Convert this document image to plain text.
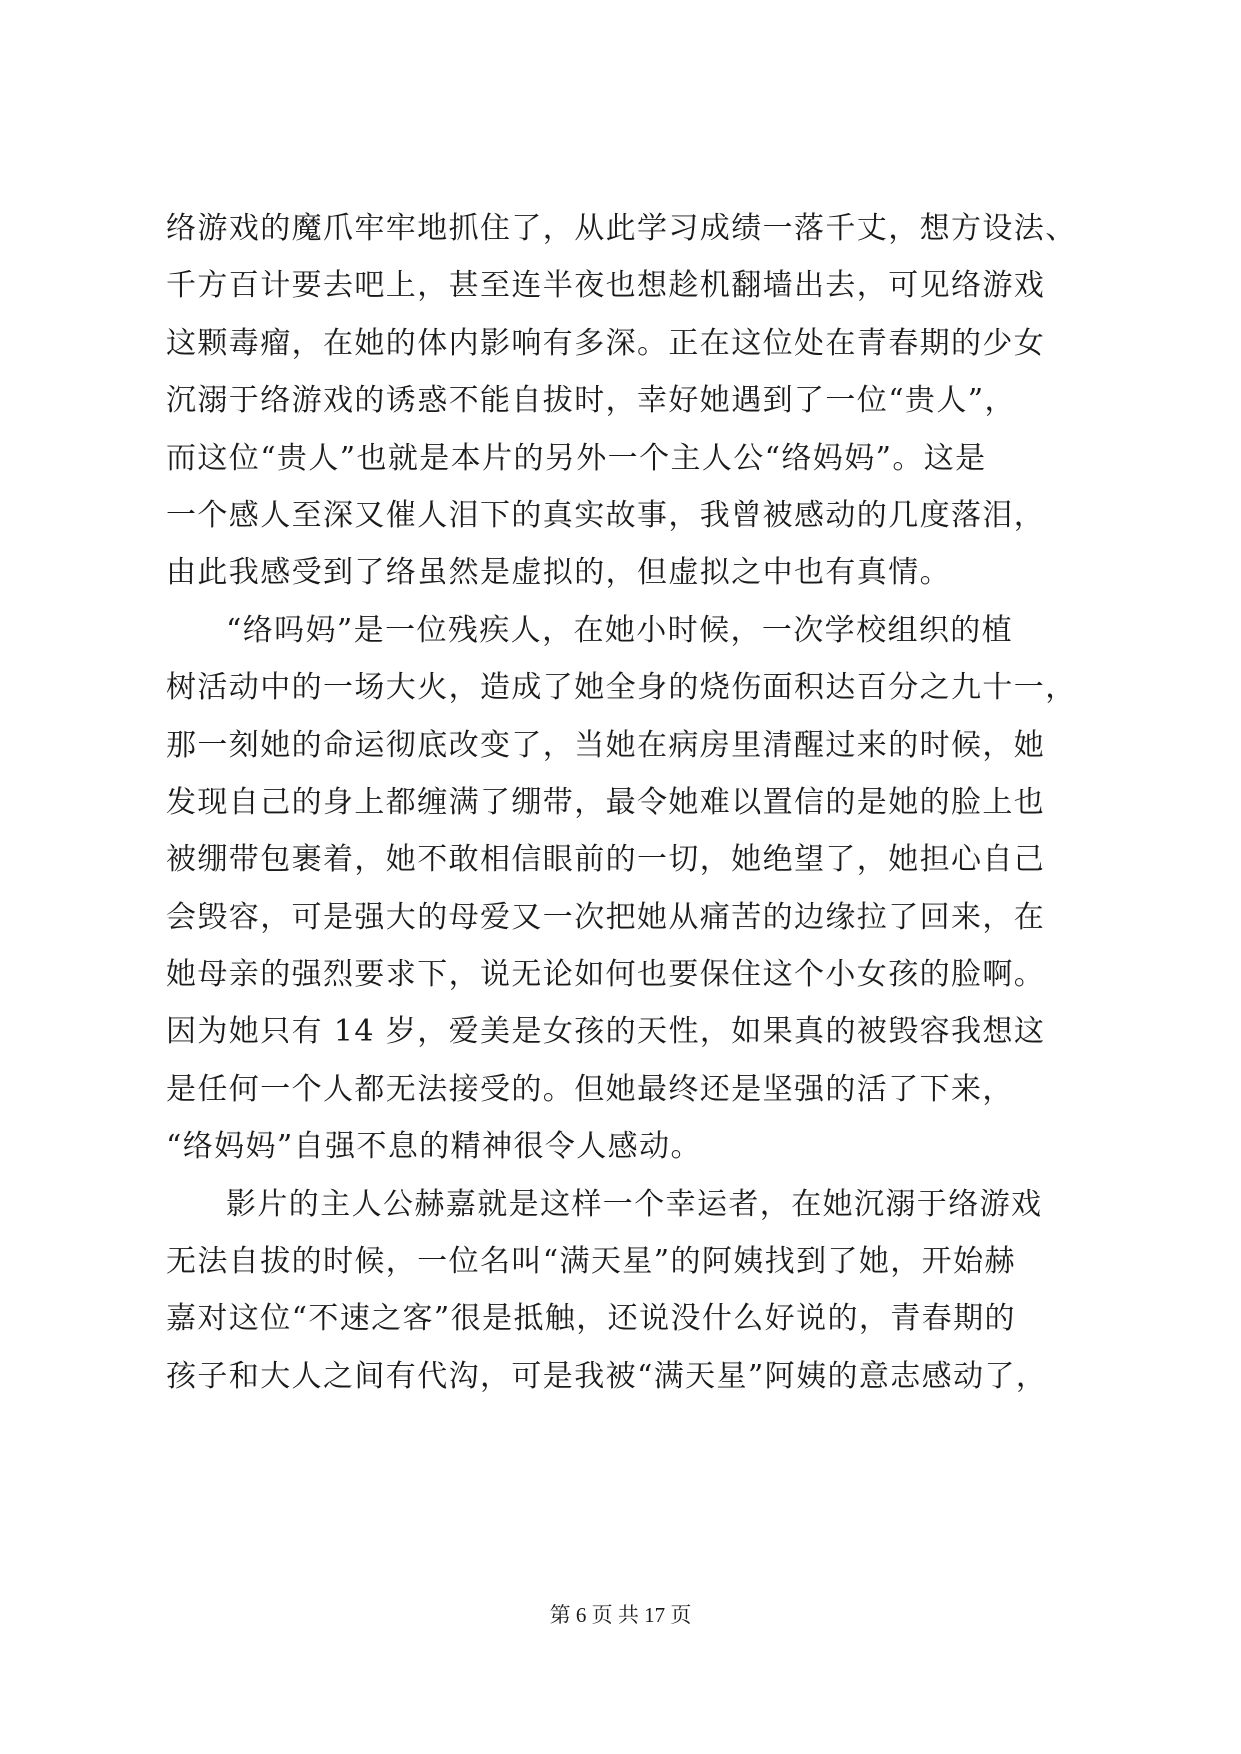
络游戏的魔爪牢牢地抓住了，从此学习成绩一落千丈，想方设法、
千方百计要去吧上，甚至连半夜也想趁机翻墙出去，可见络游戏
这颗毒瘤，在她的体内影响有多深。正在这位处在青春期的少女
沉溺于络游戏的诱惑不能自拔时，幸好她遇到了一位“贵人”，
而这位“贵人”也就是本片的另外一个主人公“络妈妈”。这是
一个感人至深又催人泪下的真实故事，我曾被感动的几度落泪，
由此我感受到了络虽然是虚拟的，但虚拟之中也有真情。
“络吗妈”是一位残疾人，在她小时候，一次学校组织的植
树活动中的一场大火，造成了她全身的烧伤面积达百分之九十一，
那一刻她的命运彻底改变了，当她在病房里清醒过来的时候，她
发现自己的身上都缠满了绷带，最令她难以置信的是她的脸上也
被绷带包裹着，她不敢相信眼前的一切，她绝望了，她担心自己
会毁容，可是强大的母爱又一次把她从痛苦的边缘拉了回来，在
她母亲的强烈要求下，说无论如何也要保住这个小女孩的脸啊。
因为她只有 14 岁，爱美是女孩的天性，如果真的被毁容我想这
是任何一个人都无法接受的。但她最终还是坚强的活了下来，
“络妈妈”自强不息的精神很令人感动。
影片的主人公赫嘉就是这样一个幸运者，在她沉溺于络游戏
无法自拔的时候，一位名叫“满天星”的阿姨找到了她，开始赫
嘉对这位“不速之客”很是抵触，还说没什么好说的，青春期的
孩子和大人之间有代沟，可是我被“满天星”阿姨的意志感动了，
第 6 页 共 17 页
